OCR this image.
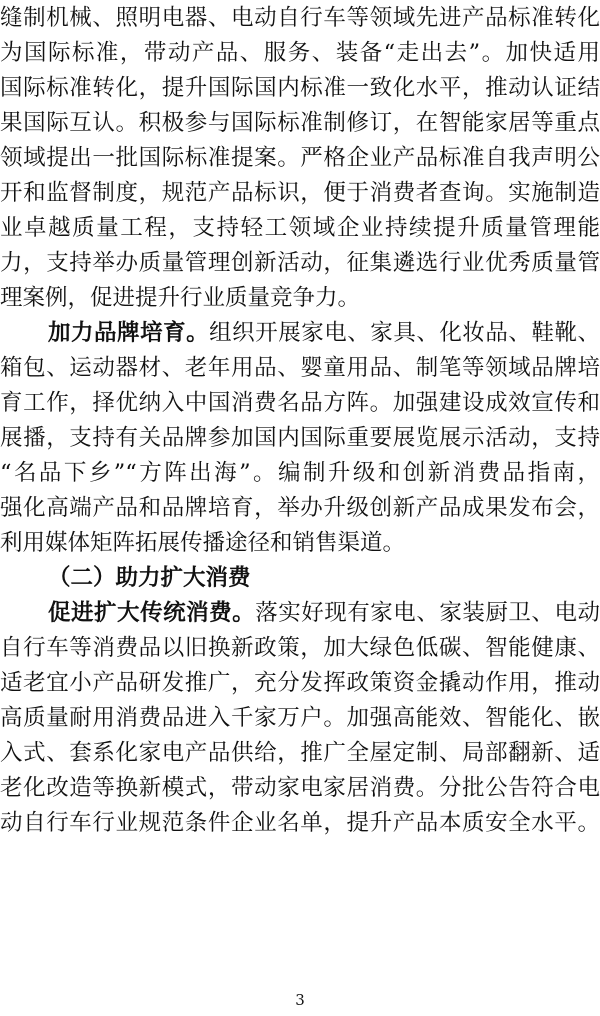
缝制机械、照明电器、电动自行车等领域先进产品标准转化
为国际标准，带动产品、服务、装备“走出去”。加快适用
国际标准转化，提升国际国内标准一致化水平，推动认证结
果国际互认。积极参与国际标准制修订，在智能家居等重点
领域提出一批国际标准提案。严格企业产品标准自我声明公
开和监督制度，规范产品标识，便于消费者查询。实施制造
业卓越质量工程，支持轻工领域企业持续提升质量管理能
力，支持举办质量管理创新活动，征集遴选行业优秀质量管
理案例，促进提升行业质量竞争力。
加力品牌培育。组织开展家电、家具、化妆品、鞋靴、
箱包、运动器材、老年用品、婴童用品、制笔等领域品牌培
育工作，择优纳入中国消费名品方阵。加强建设成效宣传和
展播，支持有关品牌参加国内国际重要展览展示活动，支持
“名品下乡”“方阵出海”。编制升级和创新消费品指南，
强化高端产品和品牌培育，举办升级创新产品成果发布会，
利用媒体矩阵拓展传播途径和销售渠道。
（二）助力扩大消费
促进扩大传统消费。落实好现有家电、家装厨卫、电动
自行车等消费品以旧换新政策，加大绿色低碳、智能健康、
适老宜小产品研发推广，充分发挥政策资金撬动作用，推动
高质量耐用消费品进入千家万户。加强高能效、智能化、嵌
入式、套系化家电产品供给，推广全屋定制、局部翻新、适
老化改造等换新模式，带动家电家居消费。分批公告符合电
动自行车行业规范条件企业名单，提升产品本质安全水平。
3
